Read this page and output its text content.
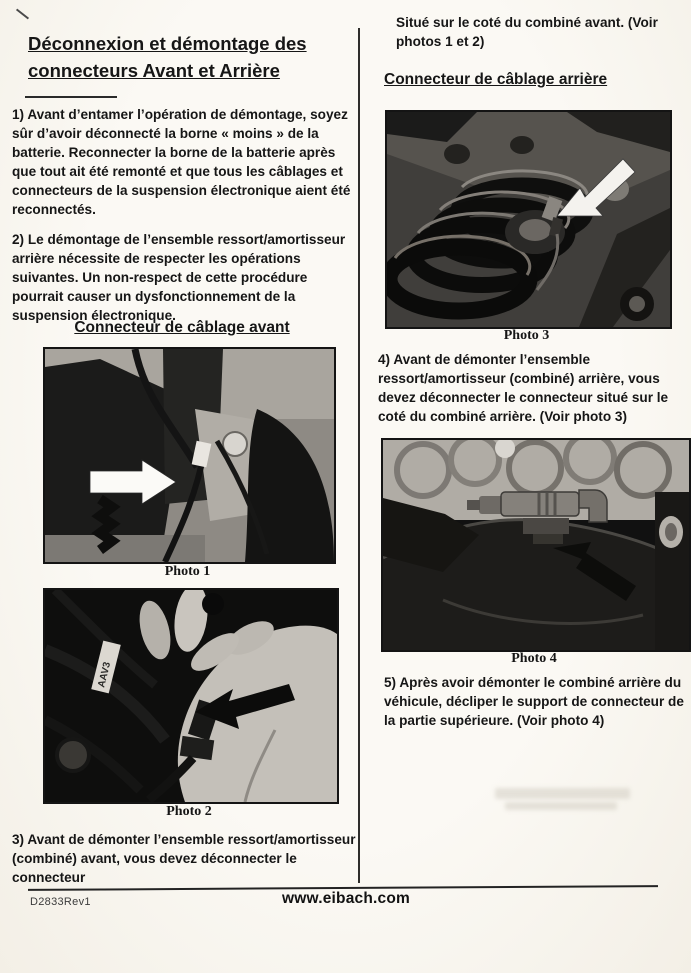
Déconnexion et démontage des
connecteurs Avant et Arrière
1) Avant d’entamer l’opération de démontage, soyez sûr d’avoir déconnecté la borne « moins » de la batterie. Reconnecter la borne de la batterie après que tout ait été remonté et que tous les câblages et connecteurs de la suspension électronique aient été reconnectés.
2) Le démontage de l’ensemble ressort/amortisseur arrière nécessite de respecter les opérations suivantes. Un non-respect de cette procédure pourrait causer un dysfonctionnement de la suspension électronique.
Connecteur de câblage avant
Photo 1
AAV3
Photo 2
3) Avant de démonter l’ensemble ressort/amortisseur (combiné) avant, vous devez déconnecter le connecteur
Situé sur le coté du combiné avant. (Voir photos 1 et 2)
Connecteur de câblage arrière
Photo 3
4) Avant de démonter l’ensemble ressort/amortisseur (combiné) arrière, vous devez déconnecter le connecteur situé sur le coté du combiné arrière. (Voir photo 3)
Photo 4
5) Après avoir démonter le combiné arrière du véhicule, décliper le support de connecteur de la partie supérieure. (Voir photo 4)
D2833Rev1	www.eibach.com
